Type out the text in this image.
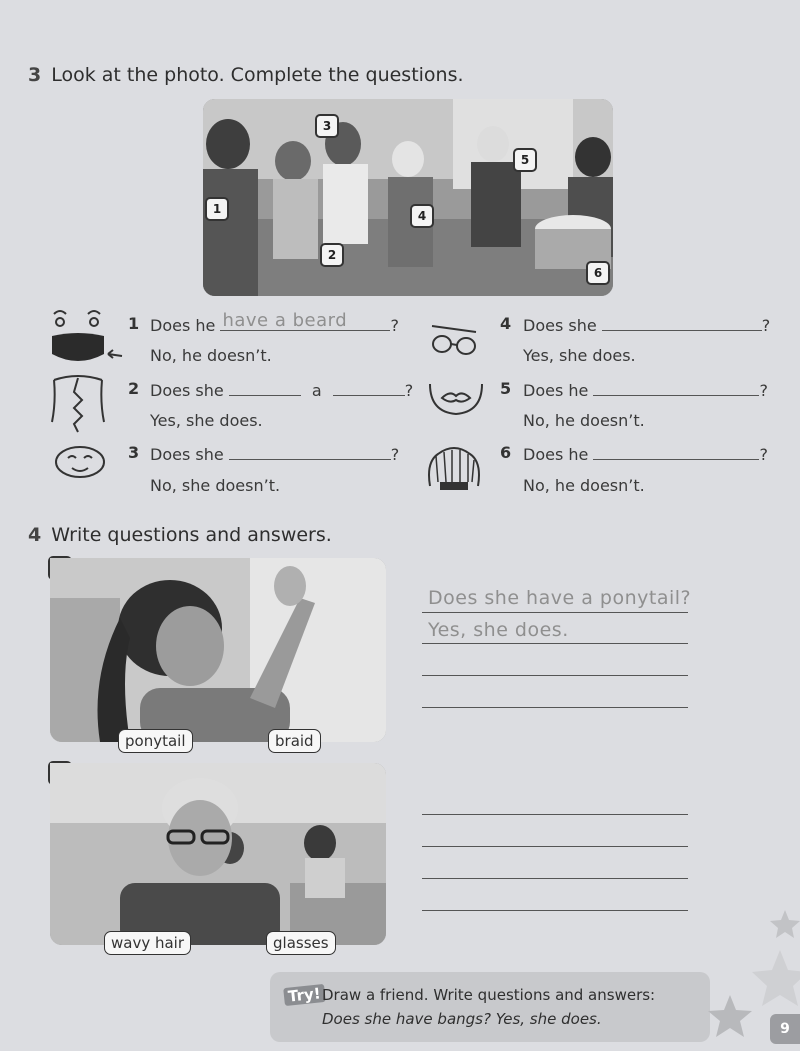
3 Look at the photo. Complete the questions.
1
2
3
4
5
6
1 Does he have a beard	?
No, he doesn’t.
2 Does she	a	?
Yes, she does.
3 Does she	?
No, she doesn’t.
4 Does she	?
Yes, she does.
5 Does he	?
No, he doesn’t.
6 Does he	?
No, he doesn’t.
4 Write questions and answers.
ponytail	braid
wavy hair	glasses
Does she have a ponytail?
Yes, she does.
Try! Draw a friend. Write questions and answers:
Does she have bangs? Yes, she does.
9
